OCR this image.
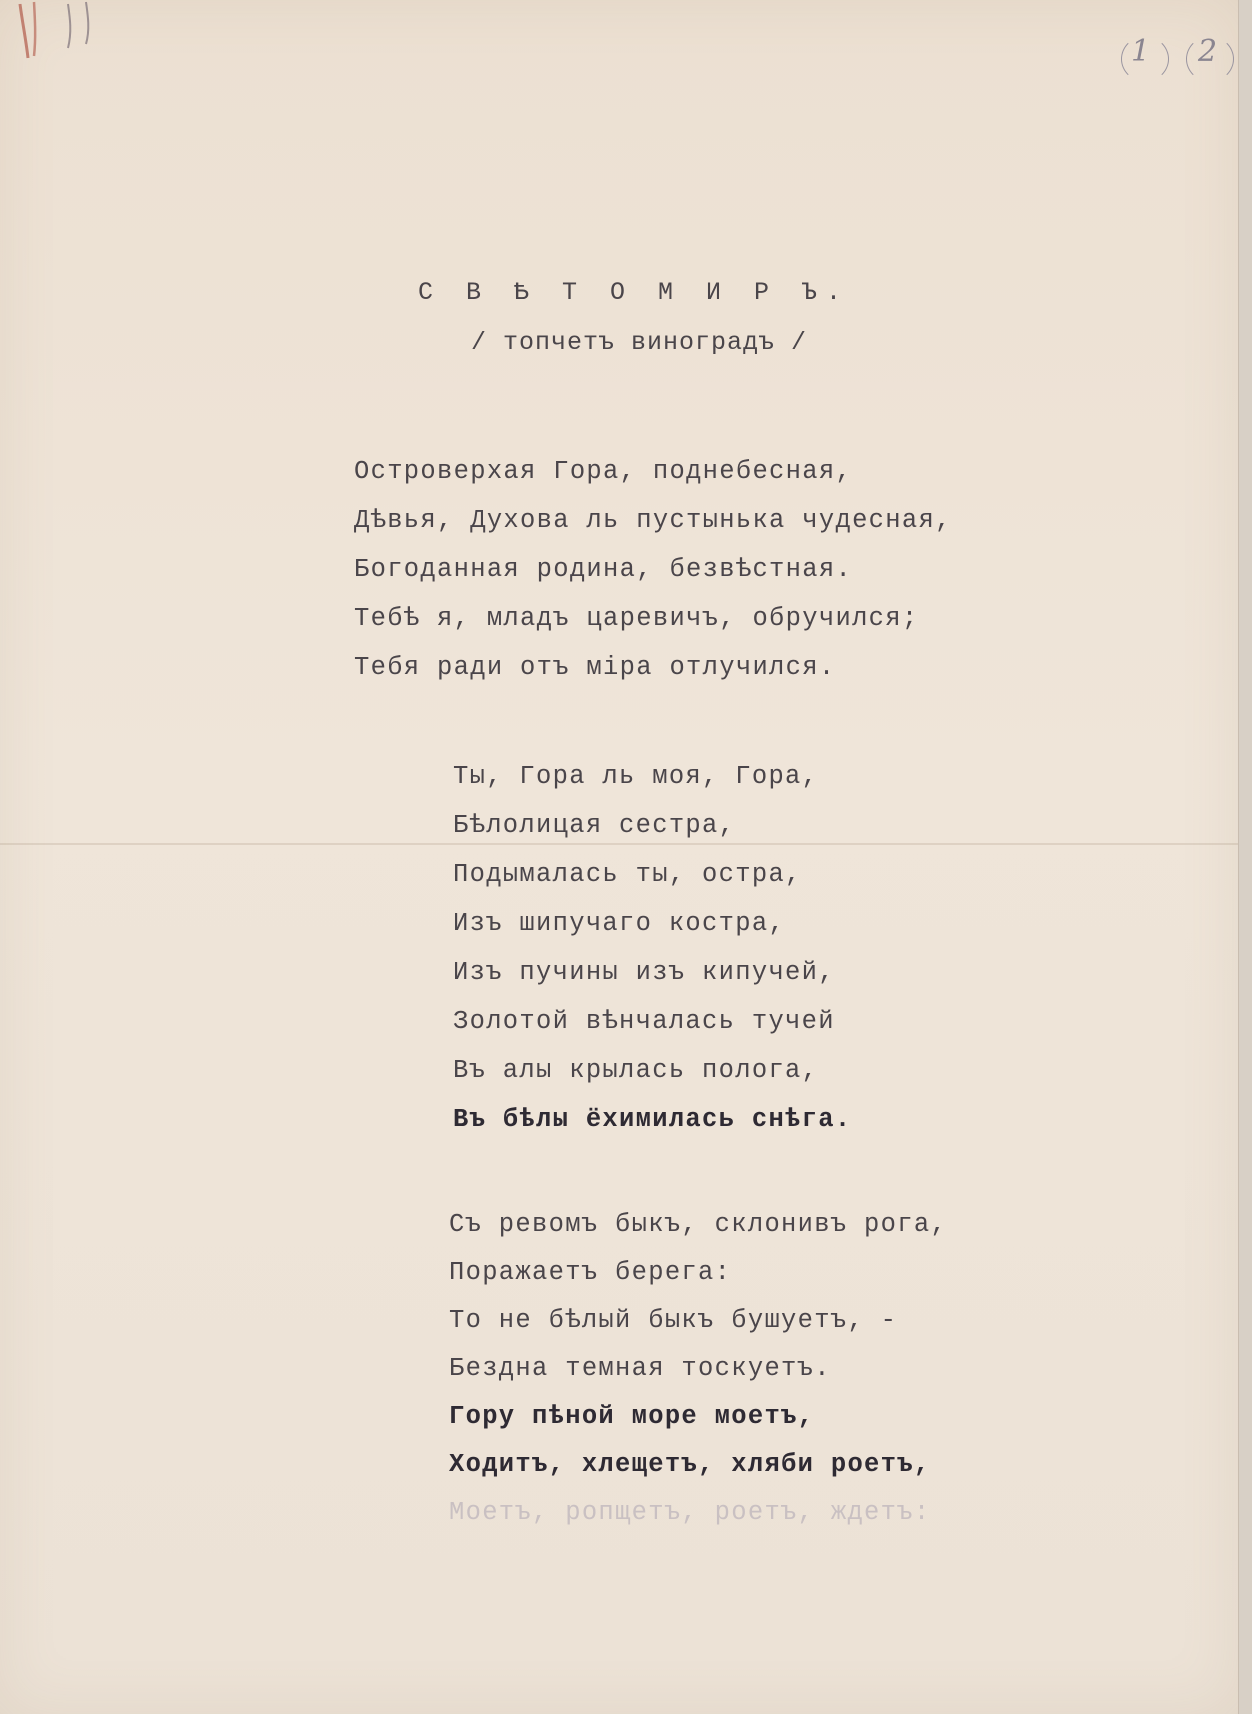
1 2
С В Ѣ Т О М И Р Ъ.
/ топчетъ виноградъ /
Островерхая Гора, поднебесная,
Дѣвья, Духова ль пустынька чудесная,
Богоданная родина, безвѣстная.
Тебѣ я, младъ царевичъ, обручился;
Тебя ради отъ міра отлучился.
Ты, Гора ль моя, Гора,
Бѣлолицая сестра,
Подымалась ты, остра,
Изъ шипучаго костра,
Изъ пучины изъ кипучей,
Золотой вѣнчалась тучей
Въ алы крылась полога,
Въ бѣлы ёхимилась снѣга.
Съ ревомъ быкъ, склонивъ рога,
Поражаетъ берега:
То не бѣлый быкъ бушуетъ, -
Бездна темная тоскуетъ.
Гору пѣной море моетъ,
Ходитъ, хлещетъ, хляби роетъ,
Моетъ, ропщетъ, роетъ, ждетъ:
